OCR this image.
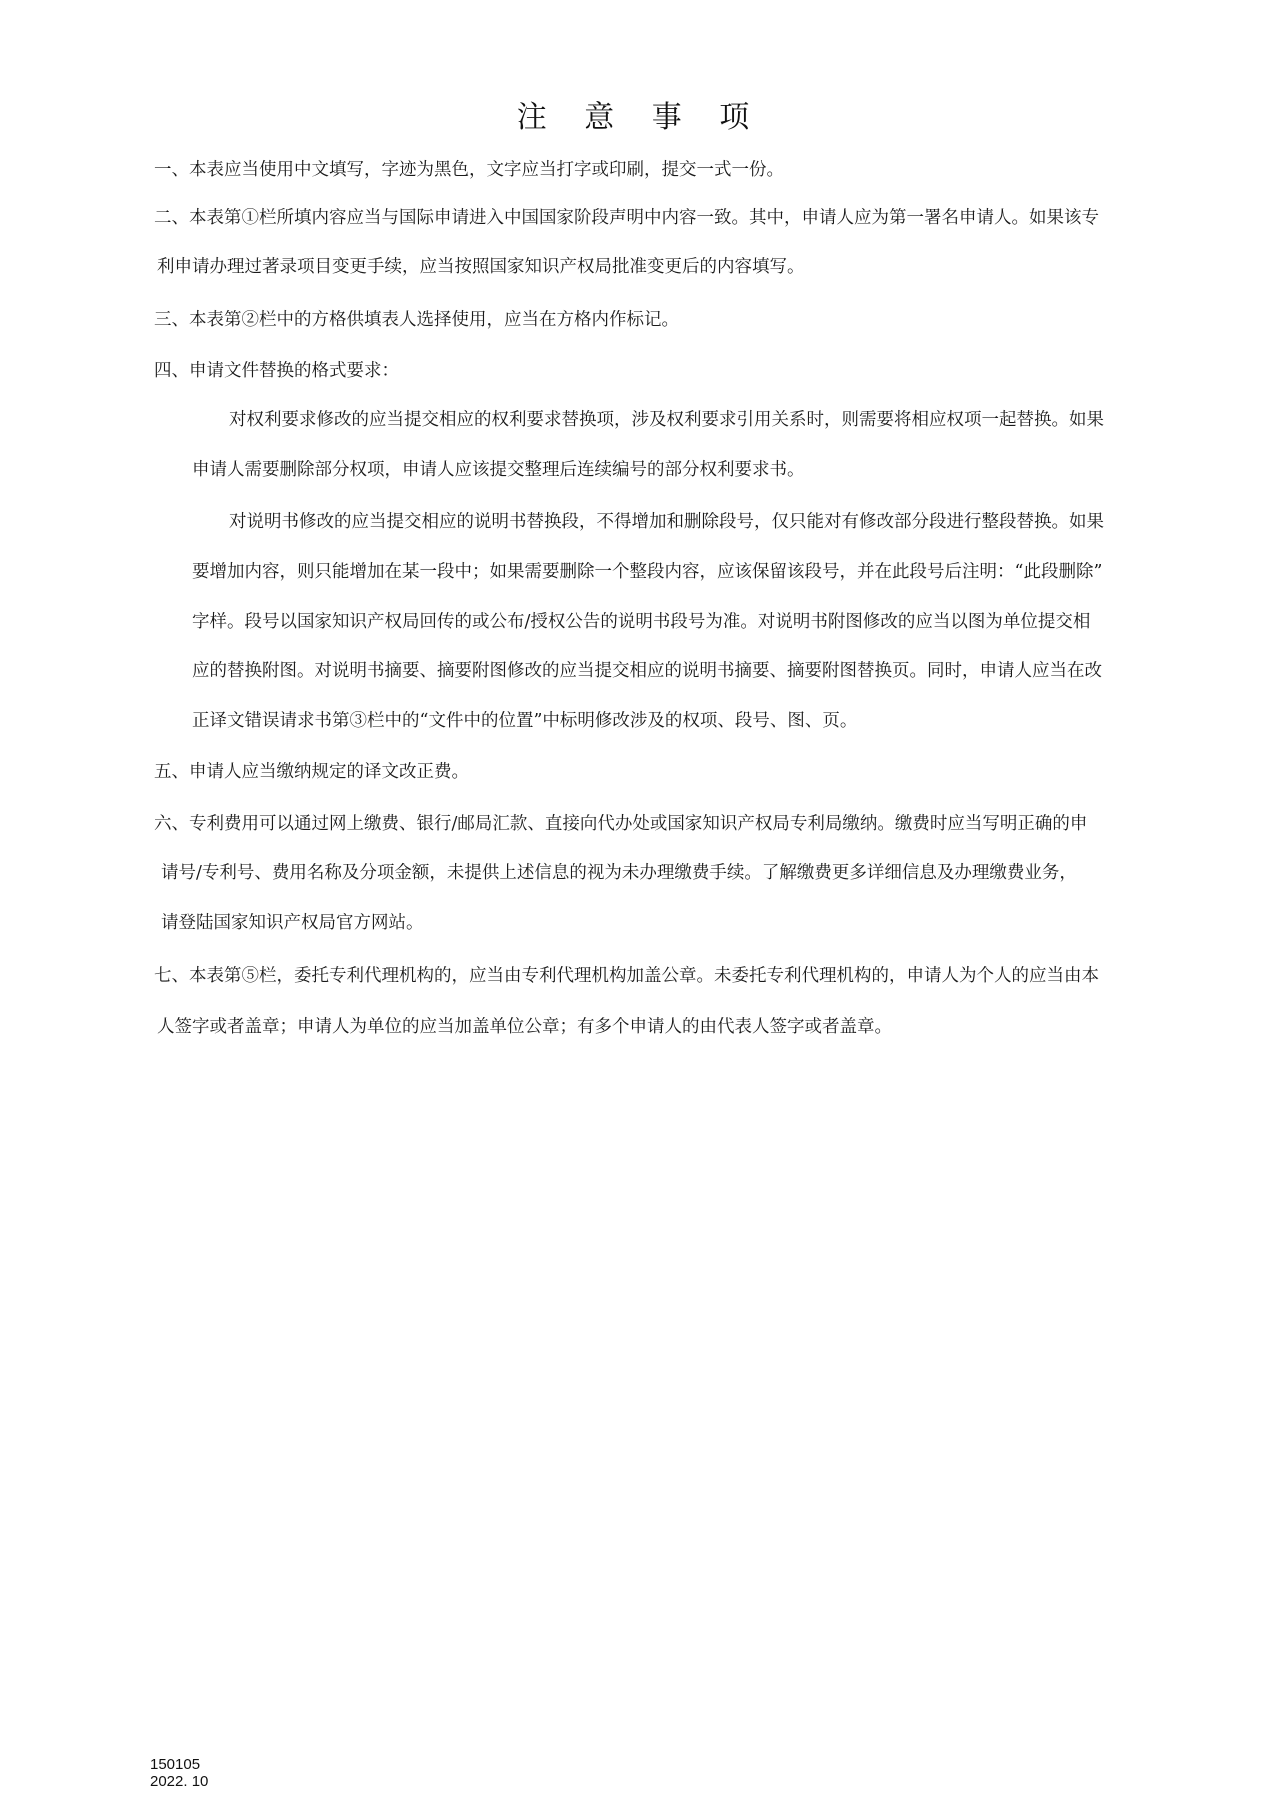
注 意 事 项
一、本表应当使用中文填写，字迹为黑色，文字应当打字或印刷，提交一式一份。
二、本表第①栏所填内容应当与国际申请进入中国国家阶段声明中内容一致。其中，申请人应为第一署名申请人。如果该专
利申请办理过著录项目变更手续，应当按照国家知识产权局批准变更后的内容填写。
三、本表第②栏中的方格供填表人选择使用，应当在方格内作标记。
四、申请文件替换的格式要求：
对权利要求修改的应当提交相应的权利要求替换项，涉及权利要求引用关系时，则需要将相应权项一起替换。如果
申请人需要删除部分权项，申请人应该提交整理后连续编号的部分权利要求书。
对说明书修改的应当提交相应的说明书替换段，不得增加和删除段号，仅只能对有修改部分段进行整段替换。如果
要增加内容，则只能增加在某一段中；如果需要删除一个整段内容，应该保留该段号，并在此段号后注明：“此段删除”
字样。段号以国家知识产权局回传的或公布/授权公告的说明书段号为准。对说明书附图修改的应当以图为单位提交相
应的替换附图。对说明书摘要、摘要附图修改的应当提交相应的说明书摘要、摘要附图替换页。同时，申请人应当在改
正译文错误请求书第③栏中的“文件中的位置”中标明修改涉及的权项、段号、图、页。
五、申请人应当缴纳规定的译文改正费。
六、专利费用可以通过网上缴费、银行/邮局汇款、直接向代办处或国家知识产权局专利局缴纳。缴费时应当写明正确的申
请号/专利号、费用名称及分项金额，未提供上述信息的视为未办理缴费手续。了解缴费更多详细信息及办理缴费业务，
请登陆国家知识产权局官方网站。
七、本表第⑤栏，委托专利代理机构的，应当由专利代理机构加盖公章。未委托专利代理机构的，申请人为个人的应当由本
人签字或者盖章；申请人为单位的应当加盖单位公章；有多个申请人的由代表人签字或者盖章。
150105
2022. 10
